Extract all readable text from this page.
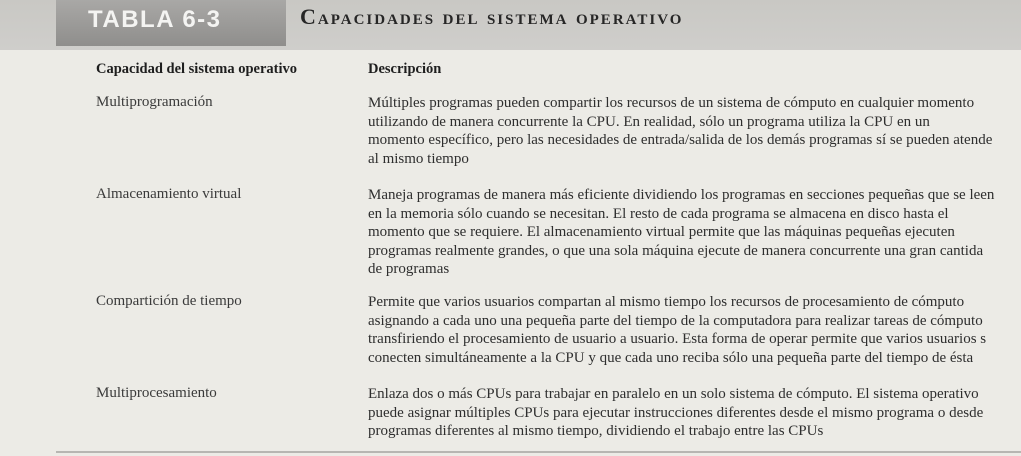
TABLA 6-3	Capacidades del sistema operativo
Capacidad del sistema operativo	Descripción
Multiprogramación	Múltiples programas pueden compartir los recursos de un sistema de cómputo en cualquier momento
utilizando de manera concurrente la CPU. En realidad, sólo un programa utiliza la CPU en un
momento específico, pero las necesidades de entrada/salida de los demás programas sí se pueden atende
al mismo tiempo
Almacenamiento virtual	Maneja programas de manera más eficiente dividiendo los programas en secciones pequeñas que se leen
en la memoria sólo cuando se necesitan. El resto de cada programa se almacena en disco hasta el
momento que se requiere. El almacenamiento virtual permite que las máquinas pequeñas ejecuten
programas realmente grandes, o que una sola máquina ejecute de manera concurrente una gran cantida
de programas
Compartición de tiempo	Permite que varios usuarios compartan al mismo tiempo los recursos de procesamiento de cómputo
asignando a cada uno una pequeña parte del tiempo de la computadora para realizar tareas de cómputo
transfiriendo el procesamiento de usuario a usuario. Esta forma de operar permite que varios usuarios s
conecten simultáneamente a la CPU y que cada uno reciba sólo una pequeña parte del tiempo de ésta
Multiprocesamiento	Enlaza dos o más CPUs para trabajar en paralelo en un solo sistema de cómputo. El sistema operativo
puede asignar múltiples CPUs para ejecutar instrucciones diferentes desde el mismo programa o desde
programas diferentes al mismo tiempo, dividiendo el trabajo entre las CPUs
